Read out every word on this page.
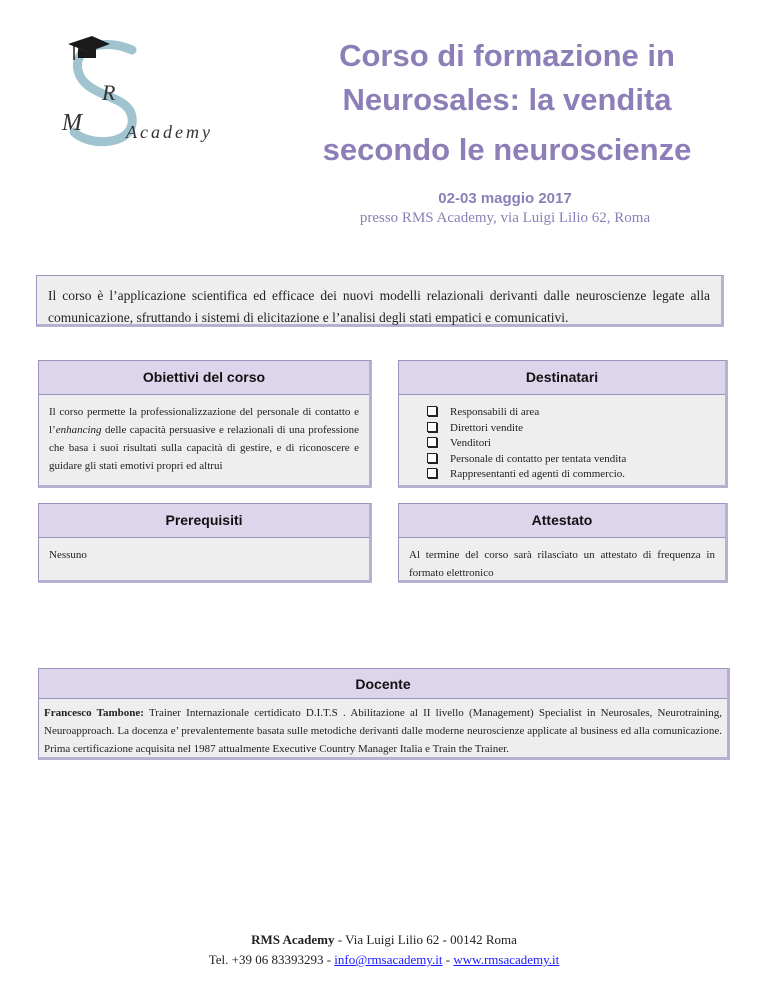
R
M Academy
Corso di formazione in
Neurosales: la vendita
secondo le neuroscienze
02-03 maggio 2017
presso RMS Academy, via Luigi Lilio 62, Roma
Il corso è l’applicazione scientifica ed efficace dei nuovi modelli relazionali derivanti dalle neuroscienze legate alla comunicazione, sfruttando i sistemi di elicitazione e l’analisi degli stati empatici e comunicativi.
Obiettivi del corso
Il corso permette la professionalizzazione del personale di contatto e l’enhancing delle capacità persuasive e relazionali di una professione che basa i suoi risultati sulla capacità di gestire, e di riconoscere e guidare gli stati emotivi propri ed altrui
Destinatari
Responsabili di area
Direttori vendite
Venditori
Personale di contatto per tentata vendita
Rappresentanti ed agenti di commercio.
Prerequisiti
Nessuno
Attestato
Al termine del corso sarà rilasciato un attestato di frequenza in formato elettronico
Docente
Francesco Tambone: Trainer Internazionale certidicato D.I.T.S . Abilitazione al II livello (Management) Specialist in Neurosales, Neurotraining, Neuroapproach. La docenza e’ prevalentemente basata sulle metodiche derivanti dalle moderne neuroscienze applicate al business ed alla comunicazione. Prima certificazione acquisita nel 1987 attualmente Executive Country Manager Italia e Train the Trainer.
RMS Academy - Via Luigi Lilio 62 - 00142 Roma
Tel. +39 06 83393293 - info@rmsacademy.it - www.rmsacademy.it
